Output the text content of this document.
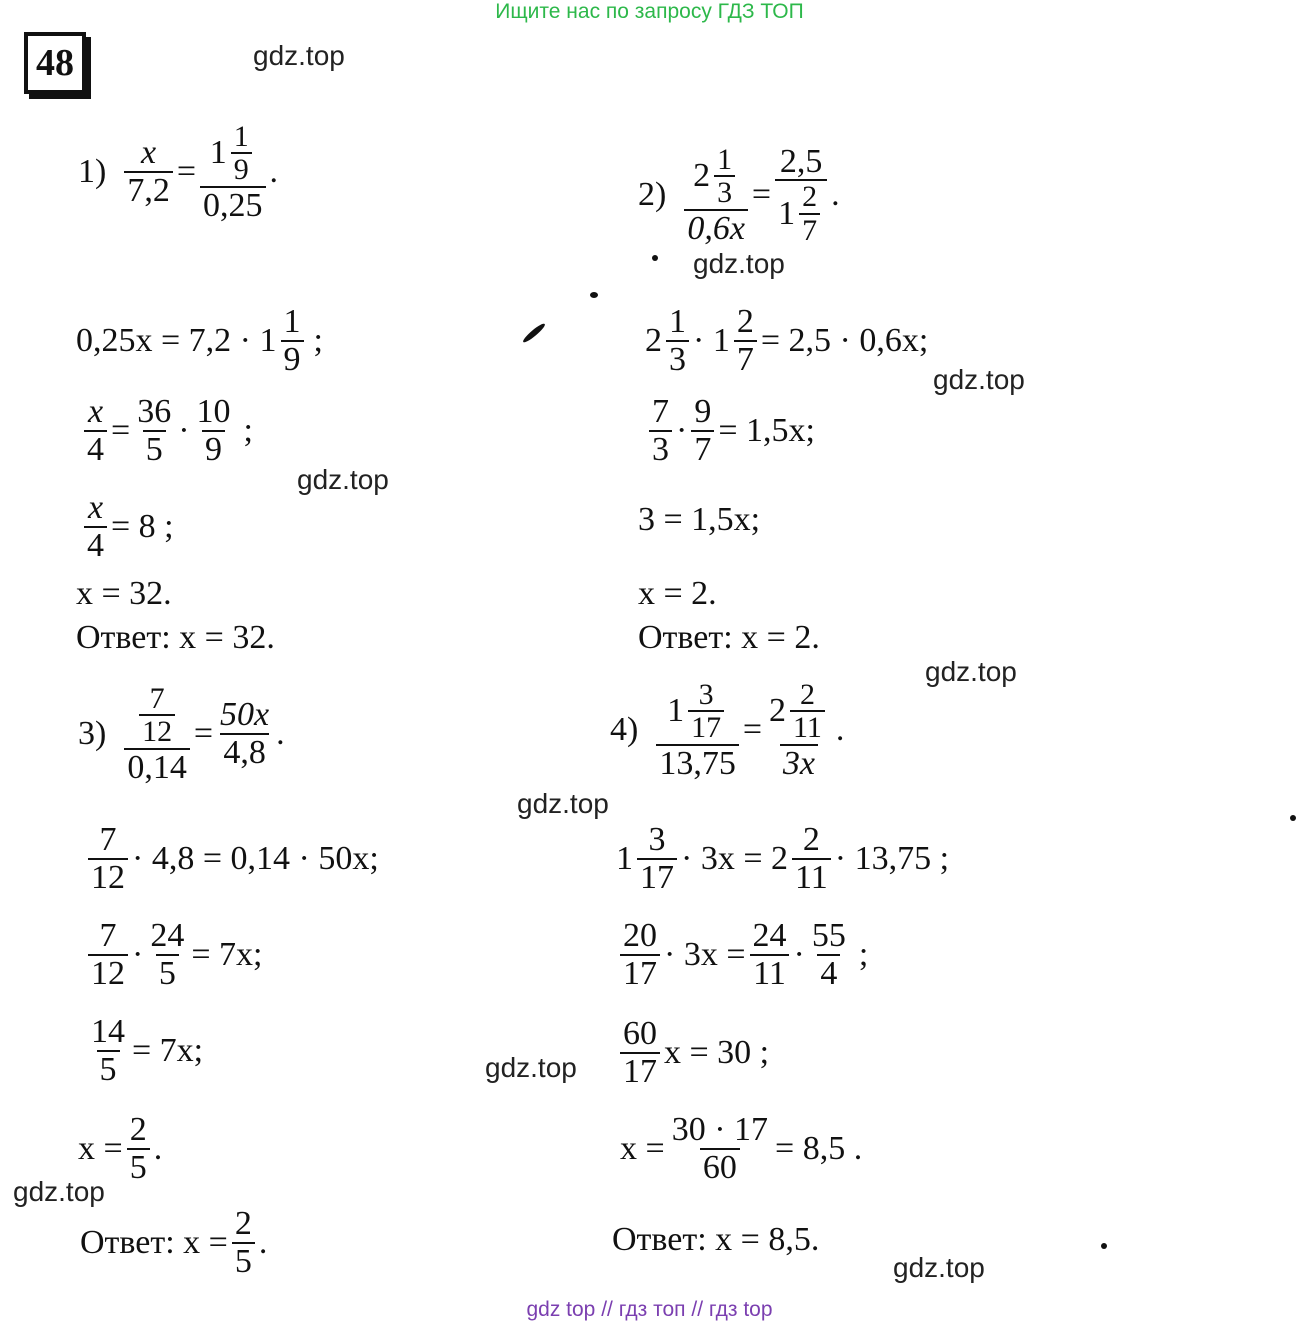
Ищите нас по запросу ГДЗ ТОП
48	gdz.top
gdz.top
gdz.top
gdz.top
gdz.top
gdz.top
gdz.top
gdz.top
gdz.top
$1) \frac{x}{7,2} = \frac{1 \frac{1}{9}}{0,25}$ .
$0,25x = 7,2 \cdot 1 \frac{1}{9}$ ;
$\frac{x}{4} = \frac{36}{5} \cdot \frac{10}{9}$ ;
$\frac{x}{4} = 8$ ;
x = 32.
Ответ: x = 32.
$2) \frac{2 \frac{1}{3}}{0,6x} = \frac{2,5}{1 \frac{2}{7}}$ .
$2 \frac{1}{3} \cdot 1 \frac{2}{7} = 2,5 \cdot 0,6x$;
$\frac{7}{3} \cdot \frac{9}{7} = 1,5x$;
3 = 1,5x;
x = 2.
Ответ: x = 2.
$3) \frac{\frac{7}{12}}{0,14} = \frac{50x}{4,8}$ .
$\frac{7}{12} \cdot 4,8 = 0,14 \cdot 50x$;
$\frac{7}{12} \cdot \frac{24}{5} = 7x$;
$\frac{14}{5} = 7x$;
$x = \frac{2}{5}$ .
Ответ: $x = \frac{2}{5}$ .
$4) \frac{1 \frac{3}{17}}{13,75} = \frac{2 \frac{2}{11}}{3x}$ .
$1 \frac{3}{17} \cdot 3x = 2 \frac{2}{11} \cdot 13,75$ ;
$\frac{20}{17} \cdot 3x = \frac{24}{11} \cdot \frac{55}{4}$ ;
$\frac{60}{17}$ x = 30 ;
$x = \frac{30 \cdot 17}{60} = 8,5$ .
Ответ: x = 8,5.
gdz top // гдз топ // гдз top
